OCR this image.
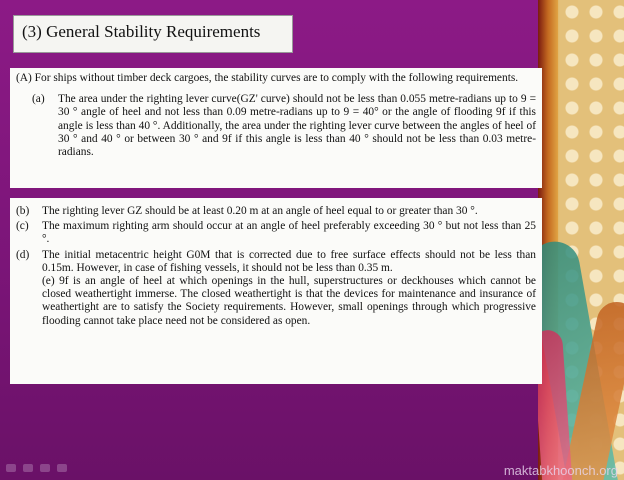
(3) General Stability Requirements

(A) For ships without timber deck cargoes, the stability curves are to comply with the following requirements.

(a)	The area under the righting lever curve(GZ' curve) should not be less than 0.055 metre-radians up to 9 = 30 ° angle of heel and not less than 0.09 metre-radians up to 9 = 40° or the angle of flooding 9f if this angle is less than 40 °. Additionally, the area under the righting lever curve between the angles of heel of 30 ° and 40 ° or between 30 ° and 9f if this angle is less than 40 ° should not be less than 0.03 metre-radians.
(b)	The righting lever GZ should be at least 0.20 m at an angle of heel equal to or greater than 30 °.
(c)	The maximum righting arm should occur at an angle of heel preferably exceeding 30 ° but not less than 25 °.
(d)	The initial metacentric height G0M that is corrected due to free surface effects should not be less than 0.15m. However, in case of fishing vessels, it should not be less than 0.35 m.
(e) 9f is an angle of heel at which openings in the hull, superstructures or deckhouses which cannot be closed weathertight immerse. The closed weathertight is that the devices for maintenance and insurance of weathertight are to satisfy the Society requirements. However, small openings through which progressive flooding cannot take place need not be considered as open.
maktabkhoonch.org
